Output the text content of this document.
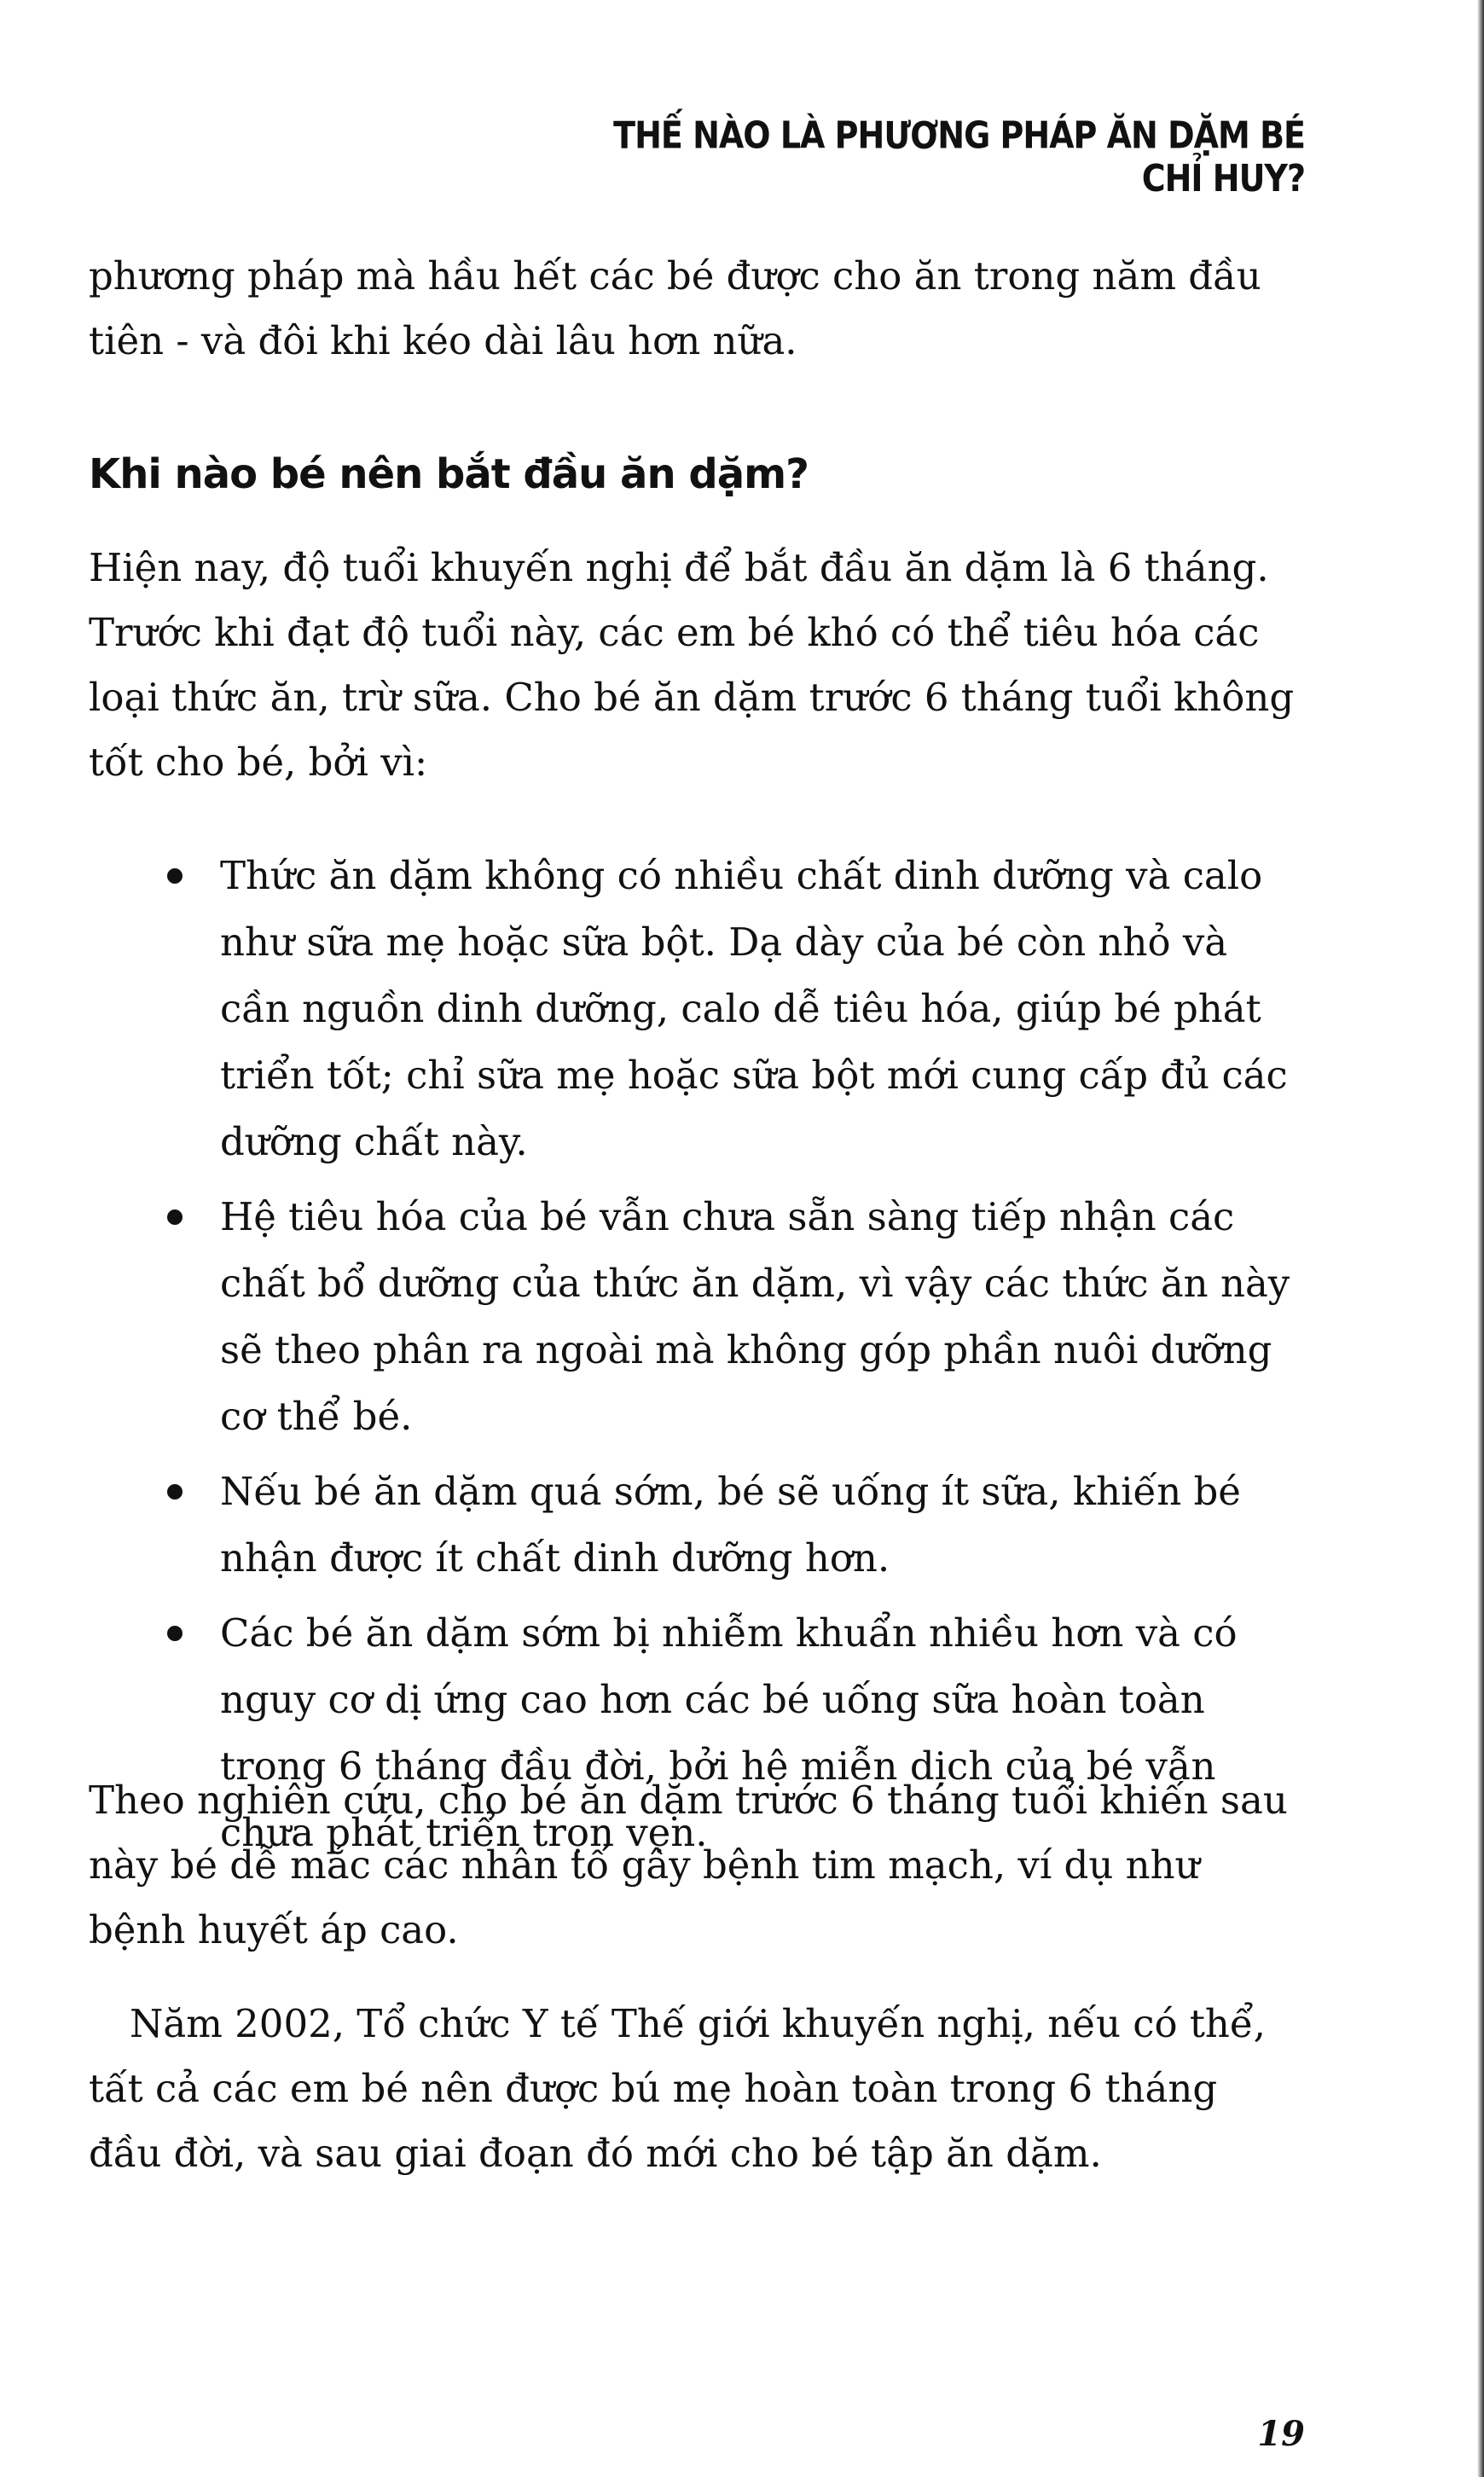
THẾ NÀO LÀ PHƯƠNG PHÁP ĂN DẶM BÉ CHỈ HUY?

phương pháp mà hầu hết các bé được cho ăn trong năm đầu tiên - và đôi khi kéo dài lâu hơn nữa.

Khi nào bé nên bắt đầu ăn dặm?

Hiện nay, độ tuổi khuyến nghị để bắt đầu ăn dặm là 6 tháng. Trước khi đạt độ tuổi này, các em bé khó có thể tiêu hóa các loại thức ăn, trừ sữa. Cho bé ăn dặm trước 6 tháng tuổi không tốt cho bé, bởi vì:

Thức ăn dặm không có nhiều chất dinh dưỡng và calo như sữa mẹ hoặc sữa bột. Dạ dày của bé còn nhỏ và cần nguồn dinh dưỡng, calo dễ tiêu hóa, giúp bé phát triển tốt; chỉ sữa mẹ hoặc sữa bột mới cung cấp đủ các dưỡng chất này.
Hệ tiêu hóa của bé vẫn chưa sẵn sàng tiếp nhận các chất bổ dưỡng của thức ăn dặm, vì vậy các thức ăn này sẽ theo phân ra ngoài mà không góp phần nuôi dưỡng cơ thể bé.
Nếu bé ăn dặm quá sớm, bé sẽ uống ít sữa, khiến bé nhận được ít chất dinh dưỡng hơn.
Các bé ăn dặm sớm bị nhiễm khuẩn nhiều hơn và có nguy cơ dị ứng cao hơn các bé uống sữa hoàn toàn trong 6 tháng đầu đời, bởi hệ miễn dịch của bé vẫn chưa phát triển trọn vẹn.

Theo nghiên cứu, cho bé ăn dặm trước 6 tháng tuổi khiến sau này bé dễ mắc các nhân tố gây bệnh tim mạch, ví dụ như bệnh huyết áp cao.

Năm 2002, Tổ chức Y tế Thế giới khuyến nghị, nếu có thể, tất cả các em bé nên được bú mẹ hoàn toàn trong 6 tháng đầu đời, và sau giai đoạn đó mới cho bé tập ăn dặm.

19
